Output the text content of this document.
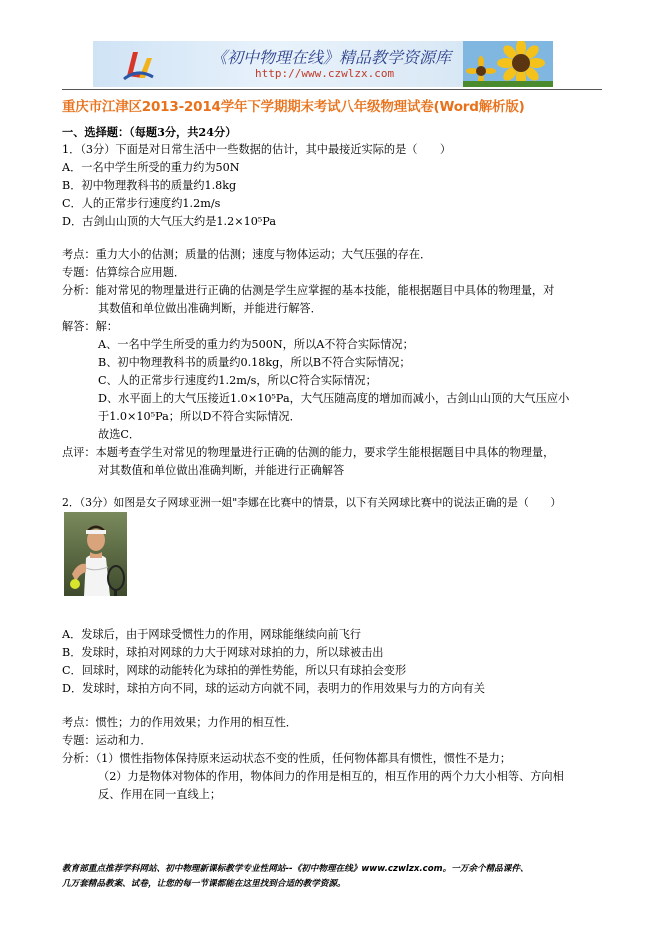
《初中物理在线》精品教学资源库
http://www.czwlzx.com
重庆市江津区2013-2014学年下学期期末考试八年级物理试卷(Word解析版)
一、选择题：（每题3分，共24分）
1．（3分）下面是对日常生活中一些数据的估计，其中最接近实际的是（　　）
A．一名中学生所受的重力约为50N
B．初中物理教科书的质量约1.8kg
C．人的正常步行速度约1.2m/s
D．古剑山山顶的大气压大约是1.2×10⁵Pa
考点：重力大小的估测；质量的估测；速度与物体运动；大气压强的存在．
专题：估算综合应用题．
分析：能对常见的物理量进行正确的估测是学生应掌握的基本技能，能根据题目中具体的物理量，对
其数值和单位做出准确判断，并能进行解答．
解答：解：
A、一名中学生所受的重力约为500N，所以A不符合实际情况；
B、初中物理教科书的质量约0.18kg，所以B不符合实际情况；
C、人的正常步行速度约1.2m/s，所以C符合实际情况；
D、水平面上的大气压接近1.0×10⁵Pa，大气压随高度的增加而减小，古剑山山顶的大气压应小
于1.0×10⁵Pa；所以D不符合实际情况．
故选C．
点评：本题考查学生对常见的物理量进行正确的估测的能力，要求学生能根据题目中具体的物理量，
对其数值和单位做出准确判断，并能进行正确解答
2．（3分）如图是女子网球亚洲一姐"李娜在比赛中的情景，以下有关网球比赛中的说法正确的是（　　）
A．发球后，由于网球受惯性力的作用，网球能继续向前飞行
B．发球时，球拍对网球的力大于网球对球拍的力，所以球被击出
C．回球时，网球的动能转化为球拍的弹性势能，所以只有球拍会变形
D．发球时，球拍方向不同，球的运动方向就不同，表明力的作用效果与力的方向有关
考点：惯性；力的作用效果；力作用的相互性．
专题：运动和力．
分析：（1）惯性指物体保持原来运动状态不变的性质，任何物体都具有惯性，惯性不是力；
（2）力是物体对物体的作用，物体间力的作用是相互的，相互作用的两个力大小相等、方向相
反、作用在同一直线上；
教育部重点推荐学科网站、初中物理新课标教学专业性网站--《初中物理在线》www.czwlzx.com。一万余个精品课件、
几万套精品教案、试卷，让您的每一节课都能在这里找到合适的教学资源。
